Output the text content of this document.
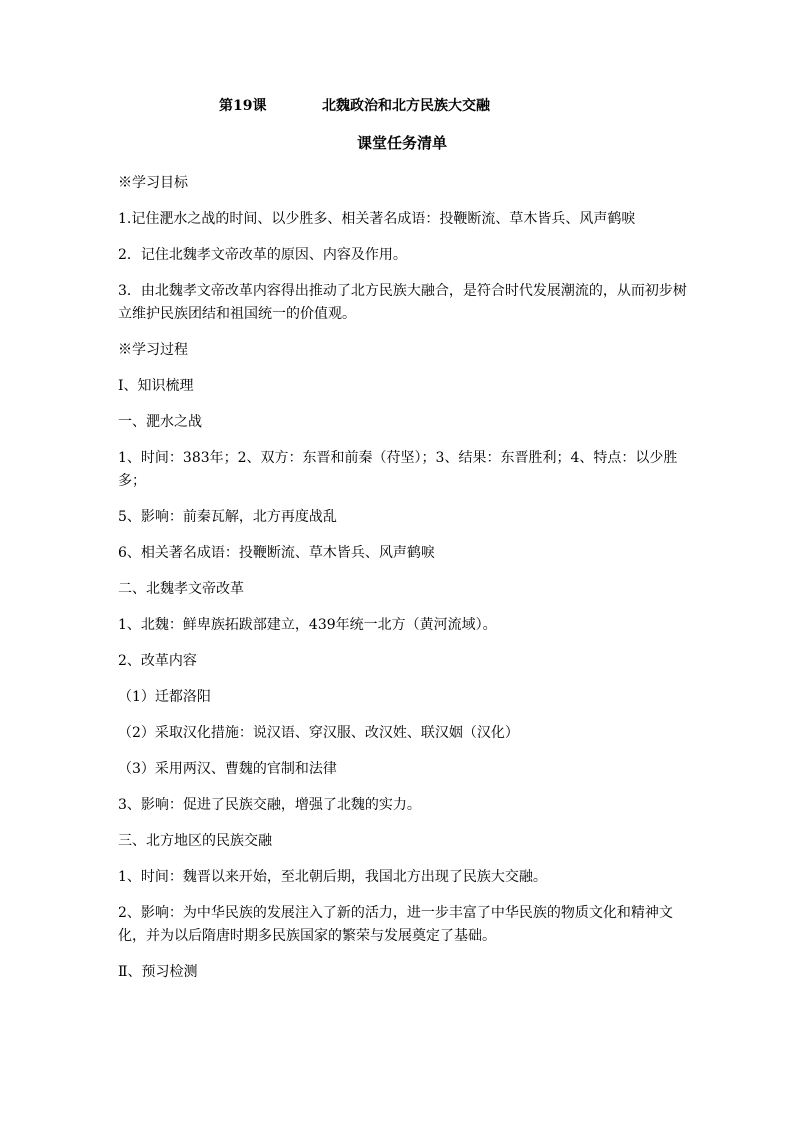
第19课	北魏政治和北方民族大交融
课堂任务清单

※学习目标

1.记住淝水之战的时间、以少胜多、相关著名成语：投鞭断流、草木皆兵、风声鹤唳

2．记住北魏孝文帝改革的原因、内容及作用。

3．由北魏孝文帝改革内容得出推动了北方民族大融合，是符合时代发展潮流的，从而初步树立维护民族团结和祖国统一的价值观。

※学习过程

Ⅰ、知识梳理

一、淝水之战

1、时间：383年；2、双方：东晋和前秦（苻坚）；3、结果：东晋胜利；4、特点：以少胜多；

5、影响：前秦瓦解，北方再度战乱

6、相关著名成语：投鞭断流、草木皆兵、风声鹤唳

二、北魏孝文帝改革

1、北魏：鲜卑族拓跋部建立，439年统一北方（黄河流域）。

2、改革内容

（1）迁都洛阳

（2）采取汉化措施：说汉语、穿汉服、改汉姓、联汉姻（汉化）

（3）采用两汉、曹魏的官制和法律

3、影响：促进了民族交融，增强了北魏的实力。

三、北方地区的民族交融

1、时间：魏晋以来开始，至北朝后期，我国北方出现了民族大交融。

2、影响：为中华民族的发展注入了新的活力，进一步丰富了中华民族的物质文化和精神文化，并为以后隋唐时期多民族国家的繁荣与发展奠定了基础。

Ⅱ、预习检测
